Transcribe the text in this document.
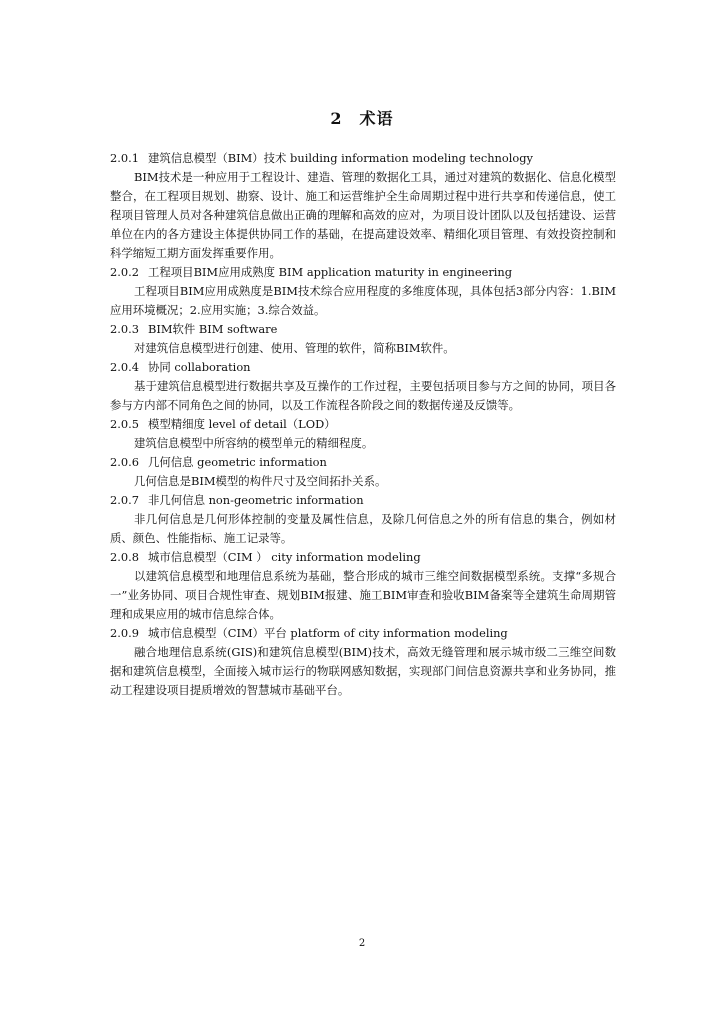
2　术语

2.0.1 建筑信息模型（BIM）技术 building information modeling technology

BIM技术是一种应用于工程设计、建造、管理的数据化工具，通过对建筑的数据化、信息化模型整合，在工程项目规划、勘察、设计、施工和运营维护全生命周期过程中进行共享和传递信息，使工程项目管理人员对各种建筑信息做出正确的理解和高效的应对，为项目设计团队以及包括建设、运营单位在内的各方建设主体提供协同工作的基础，在提高建设效率、精细化项目管理、有效投资控制和科学缩短工期方面发挥重要作用。

2.0.2 工程项目BIM应用成熟度 BIM application maturity in engineering

工程项目BIM应用成熟度是BIM技术综合应用程度的多维度体现，具体包括3部分内容：1.BIM应用环境概况；2.应用实施；3.综合效益。

2.0.3 BIM软件 BIM software

对建筑信息模型进行创建、使用、管理的软件，简称BIM软件。

2.0.4 协同 collaboration

基于建筑信息模型进行数据共享及互操作的工作过程，主要包括项目参与方之间的协同，项目各参与方内部不同角色之间的协同，以及工作流程各阶段之间的数据传递及反馈等。

2.0.5 模型精细度 level of detail（LOD）

建筑信息模型中所容纳的模型单元的精细程度。

2.0.6 几何信息 geometric information

几何信息是BIM模型的构件尺寸及空间拓扑关系。

2.0.7 非几何信息 non-geometric information

非几何信息是几何形体控制的变量及属性信息，及除几何信息之外的所有信息的集合，例如材质、颜色、性能指标、施工记录等。

2.0.8 城市信息模型（CIM ） city information modeling

以建筑信息模型和地理信息系统为基础，整合形成的城市三维空间数据模型系统。支撑“多规合一”业务协同、项目合规性审查、规划BIM报建、施工BIM审查和验收BIM备案等全建筑生命周期管理和成果应用的城市信息综合体。

2.0.9 城市信息模型（CIM）平台 platform of city information modeling

融合地理信息系统(GIS)和建筑信息模型(BIM)技术，高效无缝管理和展示城市级二三维空间数据和建筑信息模型，全面接入城市运行的物联网感知数据，实现部门间信息资源共享和业务协同，推动工程建设项目提质增效的智慧城市基础平台。

2
